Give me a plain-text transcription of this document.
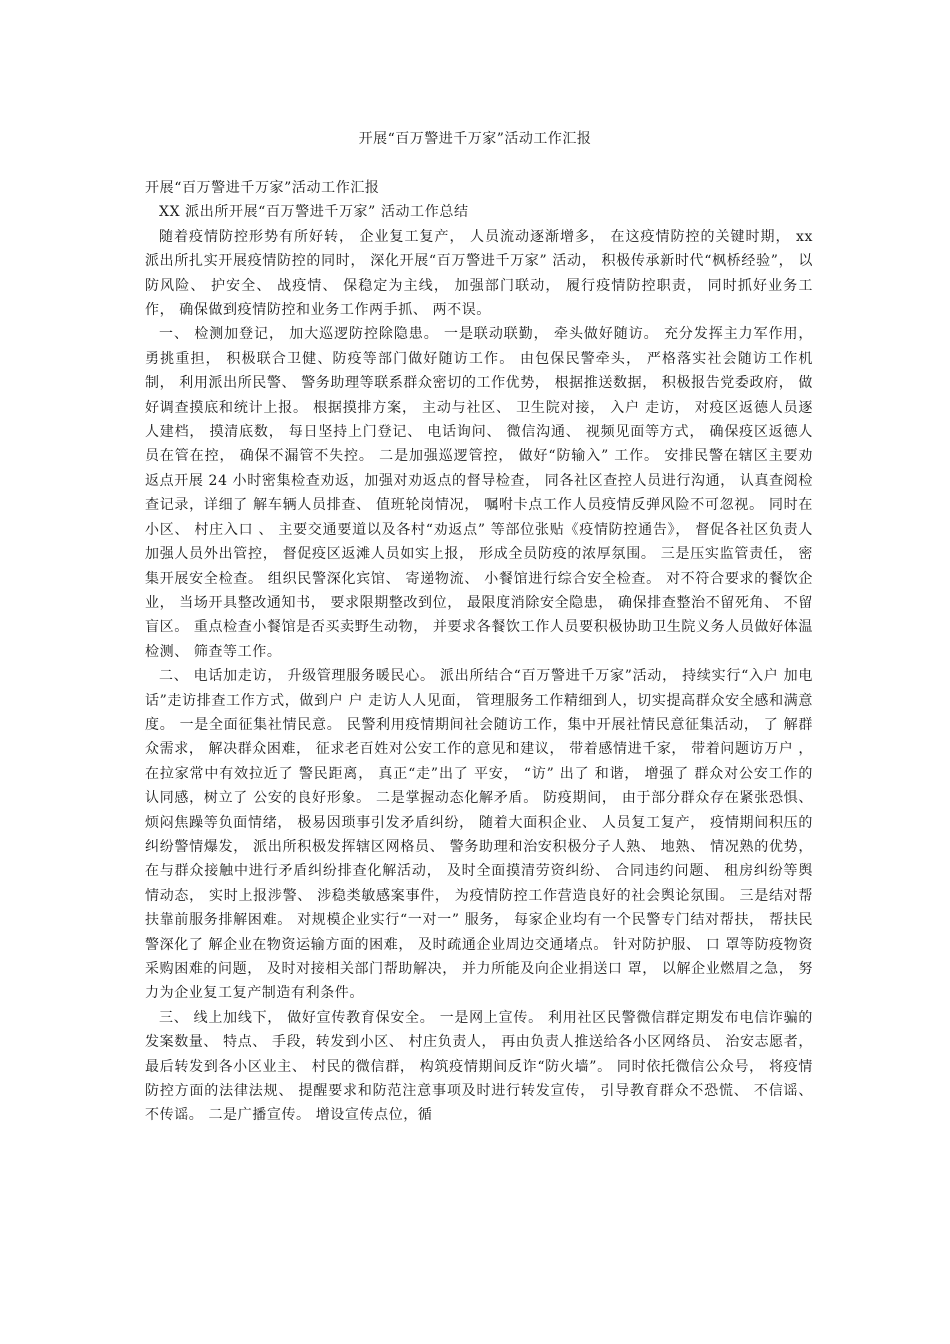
开展“百万警进千万家”活动工作汇报

开展“百万警进千万家”活动工作汇报

XX 派出所开展“百万警进千万家” 活动工作总结

随着疫情防控形势有所好转， 企业复工复产， 人员流动逐渐增多， 在这疫情防控的关键时期， xx 派出所扎实开展疫情防控的同时， 深化开展“百万警进千万家” 活动， 积极传承新时代“枫桥经验”， 以防风险、 护安全、 战疫情、 保稳定为主线， 加强部门联动， 履行疫情防控职责， 同时抓好业务工作， 确保做到疫情防控和业务工作两手抓、 两不误。

一、 检测加登记， 加大巡逻防控除隐患。 一是联动联勤， 牵头做好随访。 充分发挥主力军作用， 勇挑重担， 积极联合卫健、防疫等部门做好随访工作。 由包保民警牵头， 严格落实社会随访工作机制， 利用派出所民警、 警务助理等联系群众密切的工作优势， 根据推送数据， 积极报告党委政府， 做好调查摸底和统计上报。 根据摸排方案， 主动与社区、 卫生院对接， 入户 走访， 对疫区返德人员逐人建档， 摸清底数， 每日坚持上门登记、 电话询问、 微信沟通、 视频见面等方式， 确保疫区返德人员在管在控， 确保不漏管不失控。 二是加强巡逻管控， 做好“防输入” 工作。 安排民警在辖区主要劝返点开展 24 小时密集检查劝返，加强对劝返点的督导检查， 同各社区查控人员进行沟通， 认真查阅检查记录，详细了 解车辆人员排查、 值班轮岗情况， 嘱咐卡点工作人员疫情反弹风险不可忽视。 同时在小区、 村庄入口 、 主要交通要道以及各村“劝返点” 等部位张贴《疫情防控通告》， 督促各社区负责人加强人员外出管控， 督促疫区返滩人员如实上报， 形成全员防疫的浓厚氛围。 三是压实监管责任， 密集开展安全检查。 组织民警深化宾馆、 寄递物流、 小餐馆进行综合安全检查。 对不符合要求的餐饮企业， 当场开具整改通知书， 要求限期整改到位， 最限度消除安全隐患， 确保排查整治不留死角、 不留盲区。 重点检查小餐馆是否买卖野生动物， 并要求各餐饮工作人员要积极协助卫生院义务人员做好体温检测、 筛查等工作。

二、 电话加走访， 升级管理服务暖民心。 派出所结合“百万警进千万家”活动， 持续实行“入户 加电话”走访排查工作方式，做到户 户 走访人人见面， 管理服务工作精细到人，切实提高群众安全感和满意度。 一是全面征集社情民意。 民警利用疫情期间社会随访工作，集中开展社情民意征集活动， 了 解群众需求， 解决群众困难， 征求老百姓对公安工作的意见和建议， 带着感情进千家， 带着问题访万户 ， 在拉家常中有效拉近了 警民距离， 真正“走”出了 平安， “访” 出了 和谐， 增强了 群众对公安工作的认同感，树立了 公安的良好形象。 二是掌握动态化解矛盾。 防疫期间， 由于部分群众存在紧张恐惧、 烦闷焦躁等负面情绪， 极易因琐事引发矛盾纠纷， 随着大面积企业、 人员复工复产， 疫情期间积压的纠纷警情爆发， 派出所积极发挥辖区网格员、 警务助理和治安积极分子人熟、 地熟、 情况熟的优势， 在与群众接触中进行矛盾纠纷排查化解活动， 及时全面摸清劳资纠纷、 合同违约问题、 租房纠纷等舆情动态， 实时上报涉警、 涉稳类敏感案事件， 为疫情防控工作营造良好的社会舆论氛围。 三是结对帮扶靠前服务排解困难。 对规模企业实行“一对一” 服务， 每家企业均有一个民警专门结对帮扶， 帮扶民警深化了 解企业在物资运输方面的困难， 及时疏通企业周边交通堵点。 针对防护服、 口 罩等防疫物资采购困难的问题， 及时对接相关部门帮助解决， 并力所能及向企业捐送口 罩， 以解企业燃眉之急， 努力为企业复工复产制造有利条件。

三、 线上加线下， 做好宣传教育保安全。 一是网上宣传。 利用社区民警微信群定期发布电信诈骗的发案数量、 特点、 手段，转发到小区、 村庄负责人， 再由负责人推送给各小区网络员、 治安志愿者， 最后转发到各小区业主、 村民的微信群， 构筑疫情期间反诈“防火墙”。 同时依托微信公众号， 将疫情防控方面的法律法规、 提醒要求和防范注意事项及时进行转发宣传， 引导教育群众不恐慌、 不信谣、 不传谣。 二是广播宣传。 增设宣传点位，循
